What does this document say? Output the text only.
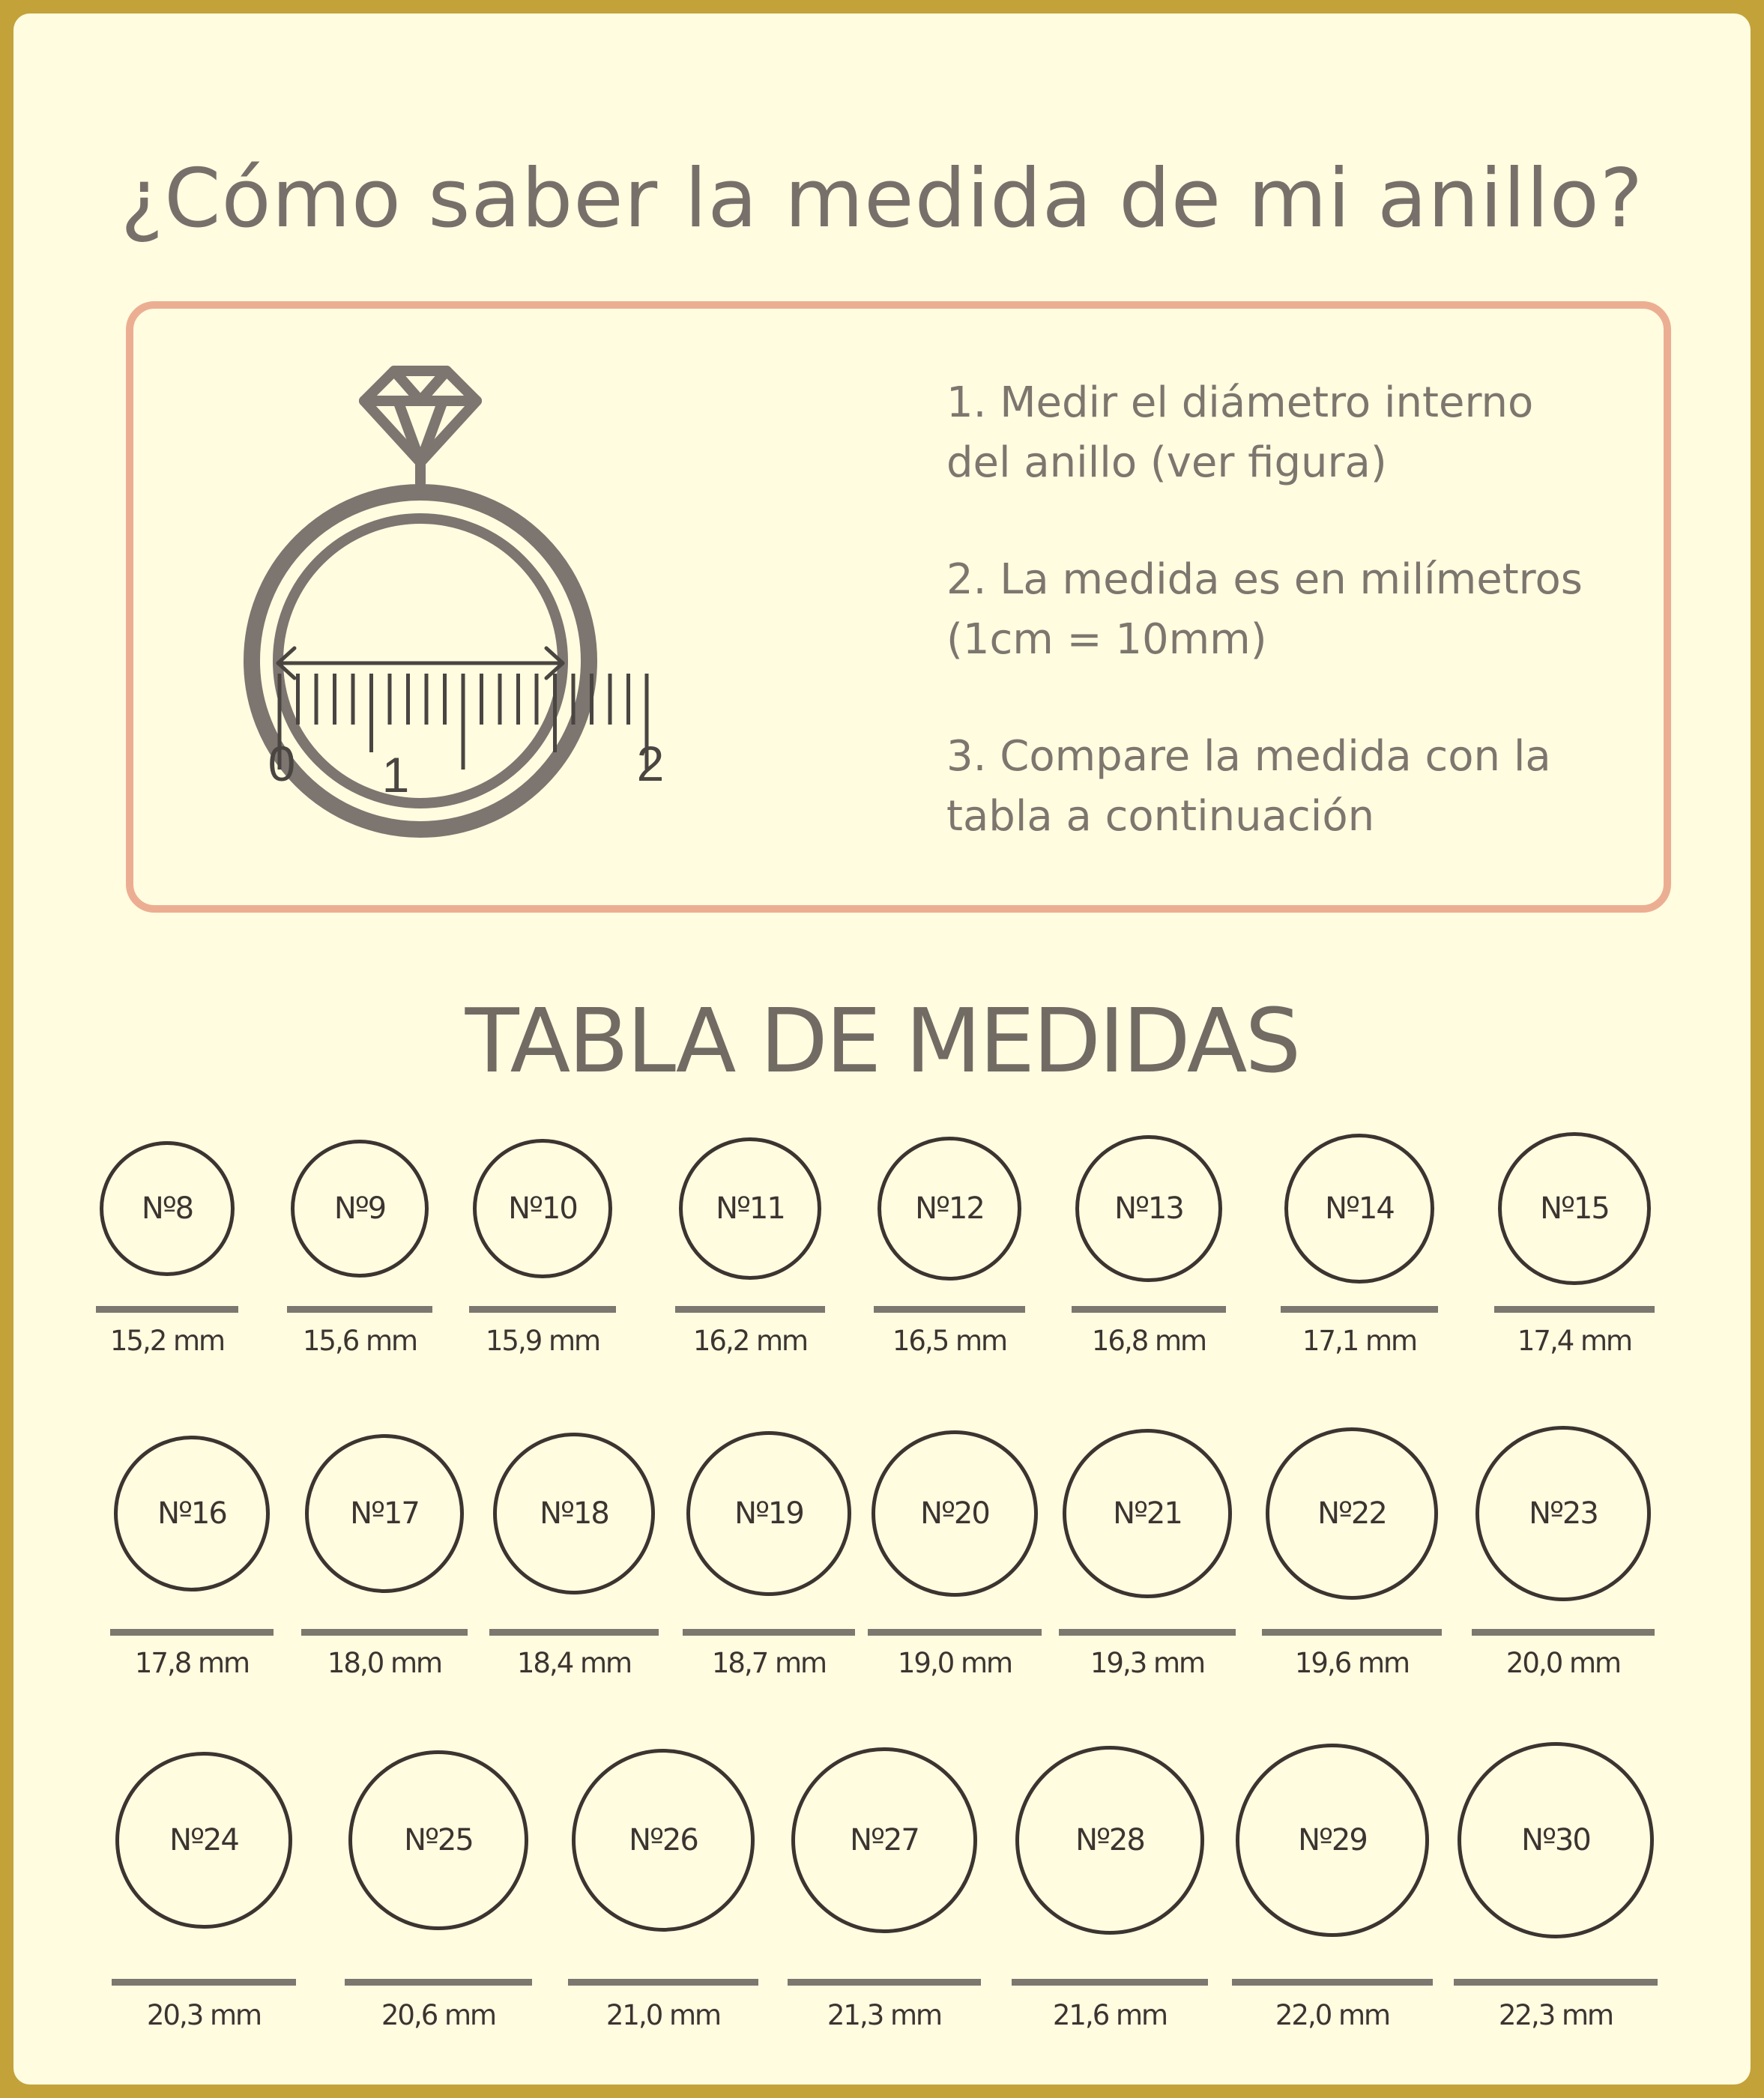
¿Cómo saber la medida de mi anillo?
0 1	2

1. Medir el diámetro interno
del anillo (ver figura)

2. La medida es en milímetros
(1cm = 10mm)

3. Compare la medida con la
tabla a continuación

TABLA DE MEDIDAS
Nº8
15,2 mm
Nº9
15,6 mm
Nº10
15,9 mm
Nº11
16,2 mm
Nº12
16,5 mm
Nº13
16,8 mm
Nº14
17,1 mm
Nº15
17,4 mm
Nº16
17,8 mm
Nº17
18,0 mm
Nº18
18,4 mm
Nº19
18,7 mm
Nº20
19,0 mm
Nº21
19,3 mm
Nº22
19,6 mm
Nº23
20,0 mm
Nº24
20,3 mm
Nº25
20,6 mm
Nº26
21,0 mm
Nº27
21,3 mm
Nº28
21,6 mm
Nº29
22,0 mm
Nº30
22,3 mm
